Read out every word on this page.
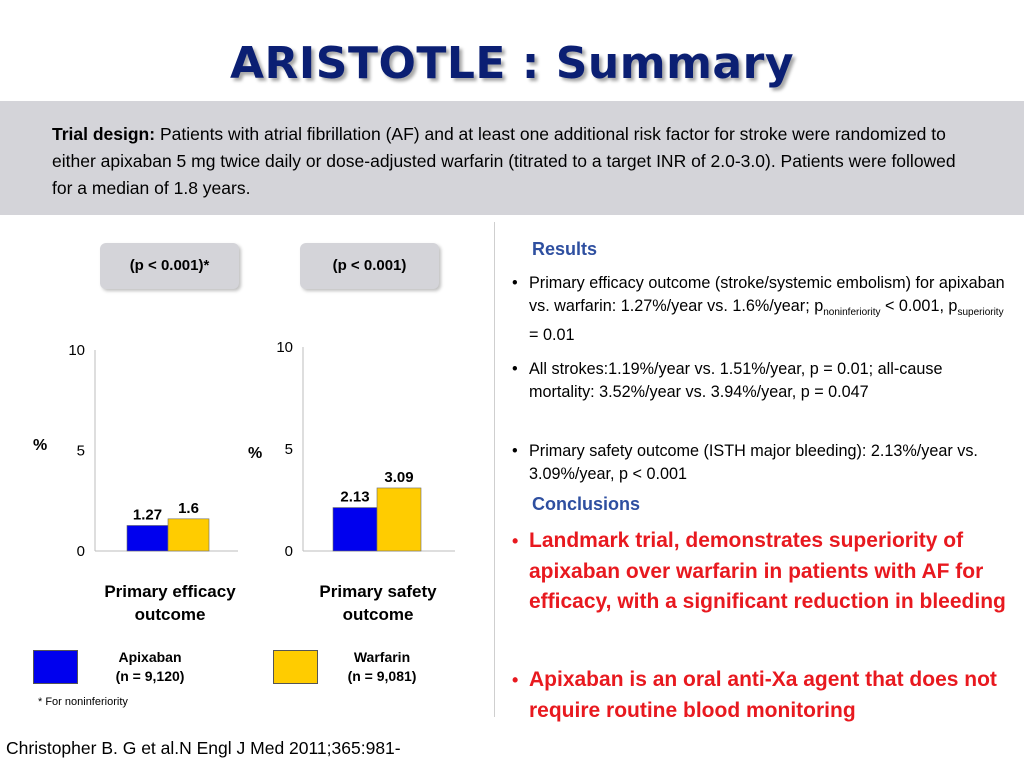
ARISTOTLE : Summary
Trial design: Patients with atrial fibrillation (AF) and at least one additional risk factor for stroke were randomized to either apixaban 5 mg twice daily or dose-adjusted warfarin (titrated to a target INR of 2.0-3.0). Patients were followed for a median of 1.8 years.
(p < 0.001)*	(p < 0.001)
0
5
10
%
1.27 1.6
0
5
10
%
2.13
3.09
Primary efficacy
outcome
Primary safety
outcome
Apixaban
(n = 9,120)
Warfarin
(n = 9,081)
* For noninferiority
Christopher B. G et al.N Engl J Med 2011;365:981-
Results
• Primary efficacy outcome (stroke/systemic embolism) for apixaban vs. warfarin: 1.27%/year vs. 1.6%/year; $p_{noninferiority} < 0.001$, $p_{superiority} = 0.01$
• All strokes:1.19%/year vs. 1.51%/year, p = 0.01; all-cause mortality: 3.52%/year vs. 3.94%/year, p = 0.047
• Primary safety outcome (ISTH major bleeding): 2.13%/year vs. 3.09%/year, p < 0.001
Conclusions
• Landmark trial, demonstrates superiority of apixaban over warfarin in patients with AF for efficacy, with a significant reduction in bleeding
• Apixaban is an oral anti-Xa agent that does not require routine blood monitoring
